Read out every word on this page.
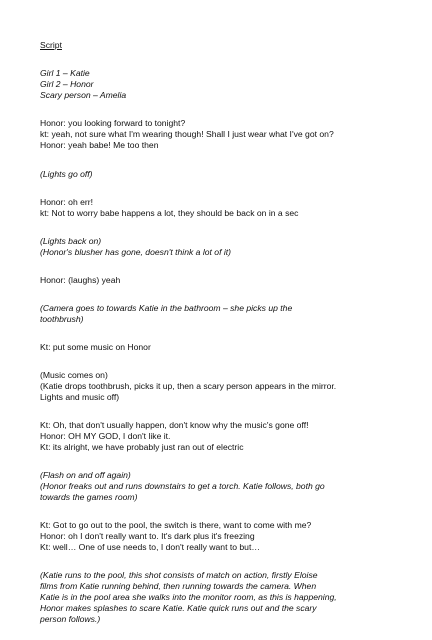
Script
Girl 1 – Katie
Girl 2 – Honor
Scary person – Amelia
Honor: you looking forward to tonight?
kt: yeah, not sure what I'm wearing though! Shall I just wear what I've got on?
Honor: yeah babe! Me too then
(Lights go off)
Honor: oh err!
kt: Not to worry babe happens a lot, they should be back on in a sec
(Lights back on)
(Honor's blusher has gone, doesn't think a lot of it)
Honor: (laughs) yeah
(Camera goes to towards Katie in the bathroom – she picks up the
toothbrush)
Kt: put some music on Honor
(Music comes on)
(Katie drops toothbrush, picks it up, then a scary person appears in the mirror.
Lights and music off)
Kt: Oh, that don't usually happen, don't know why the music's gone off!
Honor: OH MY GOD, I don't like it.
Kt: its alright, we have probably just ran out of electric
(Flash on and off again)
(Honor freaks out and runs downstairs to get a torch. Katie follows, both go
towards the games room)
Kt: Got to go out to the pool, the switch is there, want to come with me?
Honor: oh I don't really want to. It's dark plus it's freezing
Kt: well… One of use needs to, I don't really want to but…
(Katie runs to the pool, this shot consists of match on action, firstly Eloise
films from Katie running behind, then running towards the camera. When
Katie is in the pool area she walks into the monitor room, as this is happening,
Honor makes splashes to scare Katie. Katie quick runs out and the scary
person follows.)
